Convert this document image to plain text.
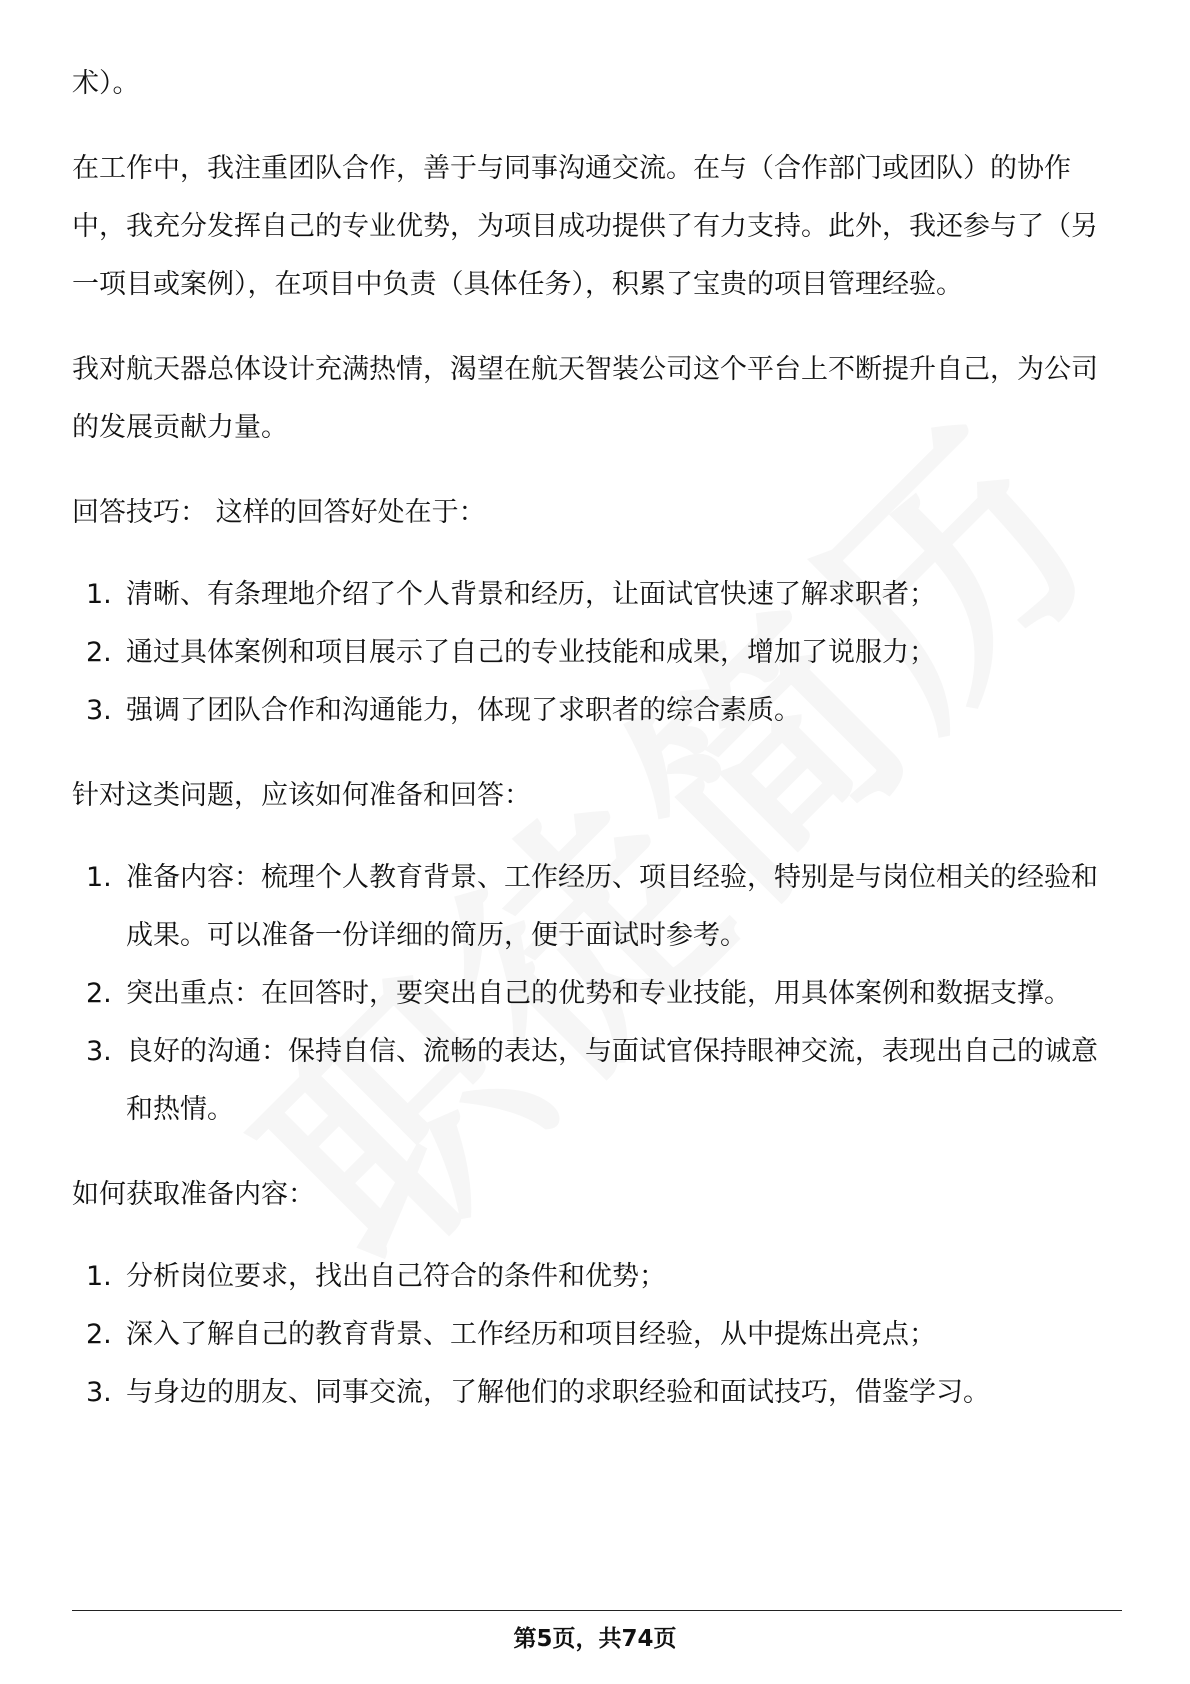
术）。

在工作中，我注重团队合作，善于与同事沟通交流。在与（合作部门或团队）的协作中，我充分发挥自己的专业优势，为项目成功提供了有力支持。此外，我还参与了（另一项目或案例），在项目中负责（具体任务），积累了宝贵的项目管理经验。

我对航天器总体设计充满热情，渴望在航天智装公司这个平台上不断提升自己，为公司的发展贡献力量。

回答技巧： 这样的回答好处在于：

1. 清晰、有条理地介绍了个人背景和经历，让面试官快速了解求职者；
2. 通过具体案例和项目展示了自己的专业技能和成果，增加了说服力；
3. 强调了团队合作和沟通能力，体现了求职者的综合素质。

针对这类问题，应该如何准备和回答：

1. 准备内容：梳理个人教育背景、工作经历、项目经验，特别是与岗位相关的经验和成果。可以准备一份详细的简历，便于面试时参考。
2. 突出重点：在回答时，要突出自己的优势和专业技能，用具体案例和数据支撑。
3. 良好的沟通：保持自信、流畅的表达，与面试官保持眼神交流，表现出自己的诚意和热情。

如何获取准备内容：

1. 分析岗位要求，找出自己符合的条件和优势；
2. 深入了解自己的教育背景、工作经历和项目经验，从中提炼出亮点；
3. 与身边的朋友、同事交流，了解他们的求职经验和面试技巧，借鉴学习。
第5页，共74页
